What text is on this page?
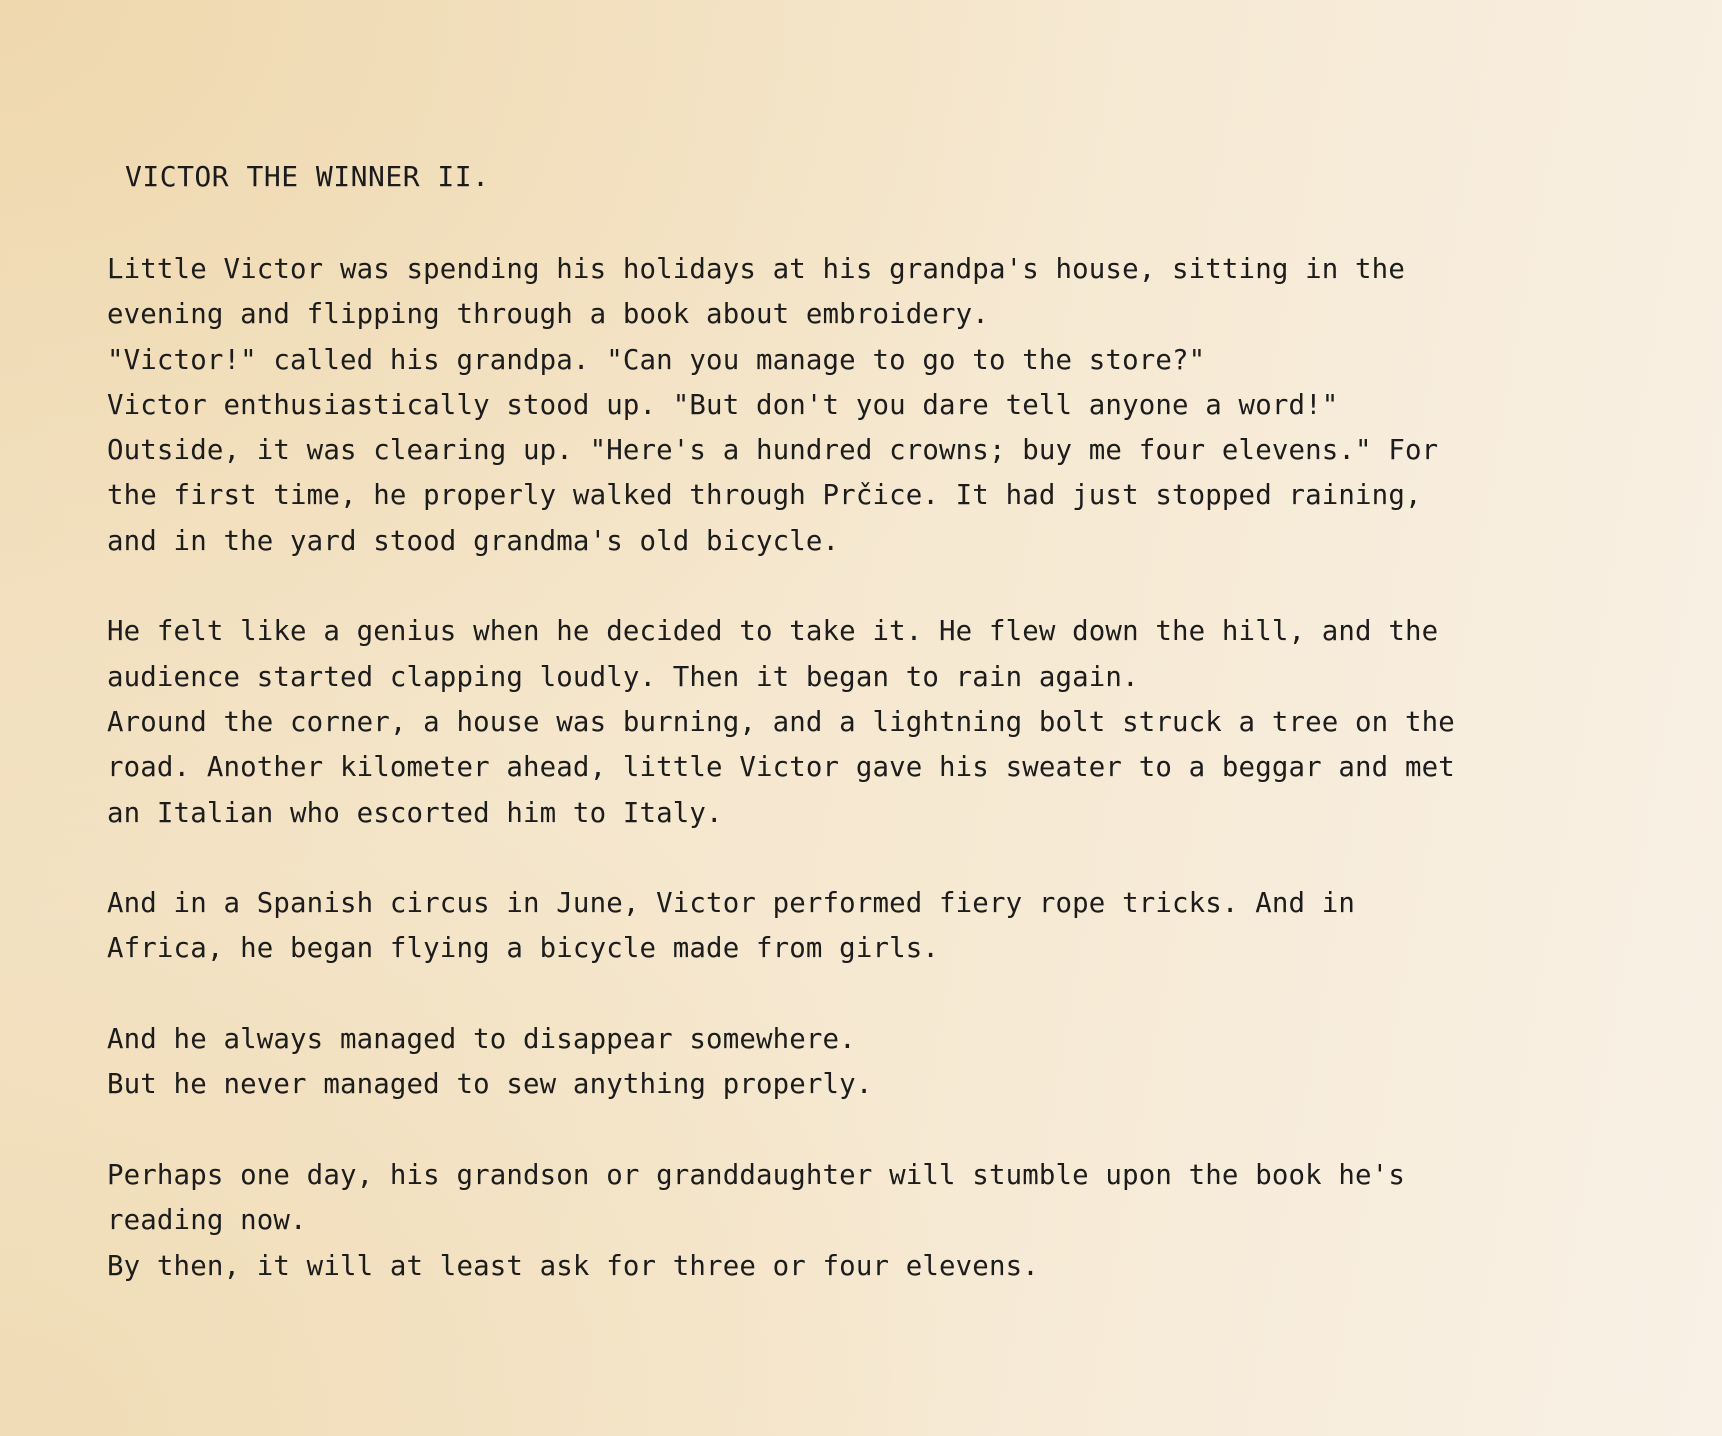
VICTOR THE WINNER II.
Little Victor was spending his holidays at his grandpa's house, sitting in the
evening and flipping through a book about embroidery.
"Victor!" called his grandpa. "Can you manage to go to the store?"
Victor enthusiastically stood up. "But don't you dare tell anyone a word!"
Outside, it was clearing up. "Here's a hundred crowns; buy me four elevens." For
the first time, he properly walked through Prčice. It had just stopped raining,
and in the yard stood grandma's old bicycle.
He felt like a genius when he decided to take it. He flew down the hill, and the
audience started clapping loudly. Then it began to rain again.
Around the corner, a house was burning, and a lightning bolt struck a tree on the
road. Another kilometer ahead, little Victor gave his sweater to a beggar and met
an Italian who escorted him to Italy.
And in a Spanish circus in June, Victor performed fiery rope tricks. And in
Africa, he began flying a bicycle made from girls.
And he always managed to disappear somewhere.
But he never managed to sew anything properly.
Perhaps one day, his grandson or granddaughter will stumble upon the book he's
reading now.
By then, it will at least ask for three or four elevens.
